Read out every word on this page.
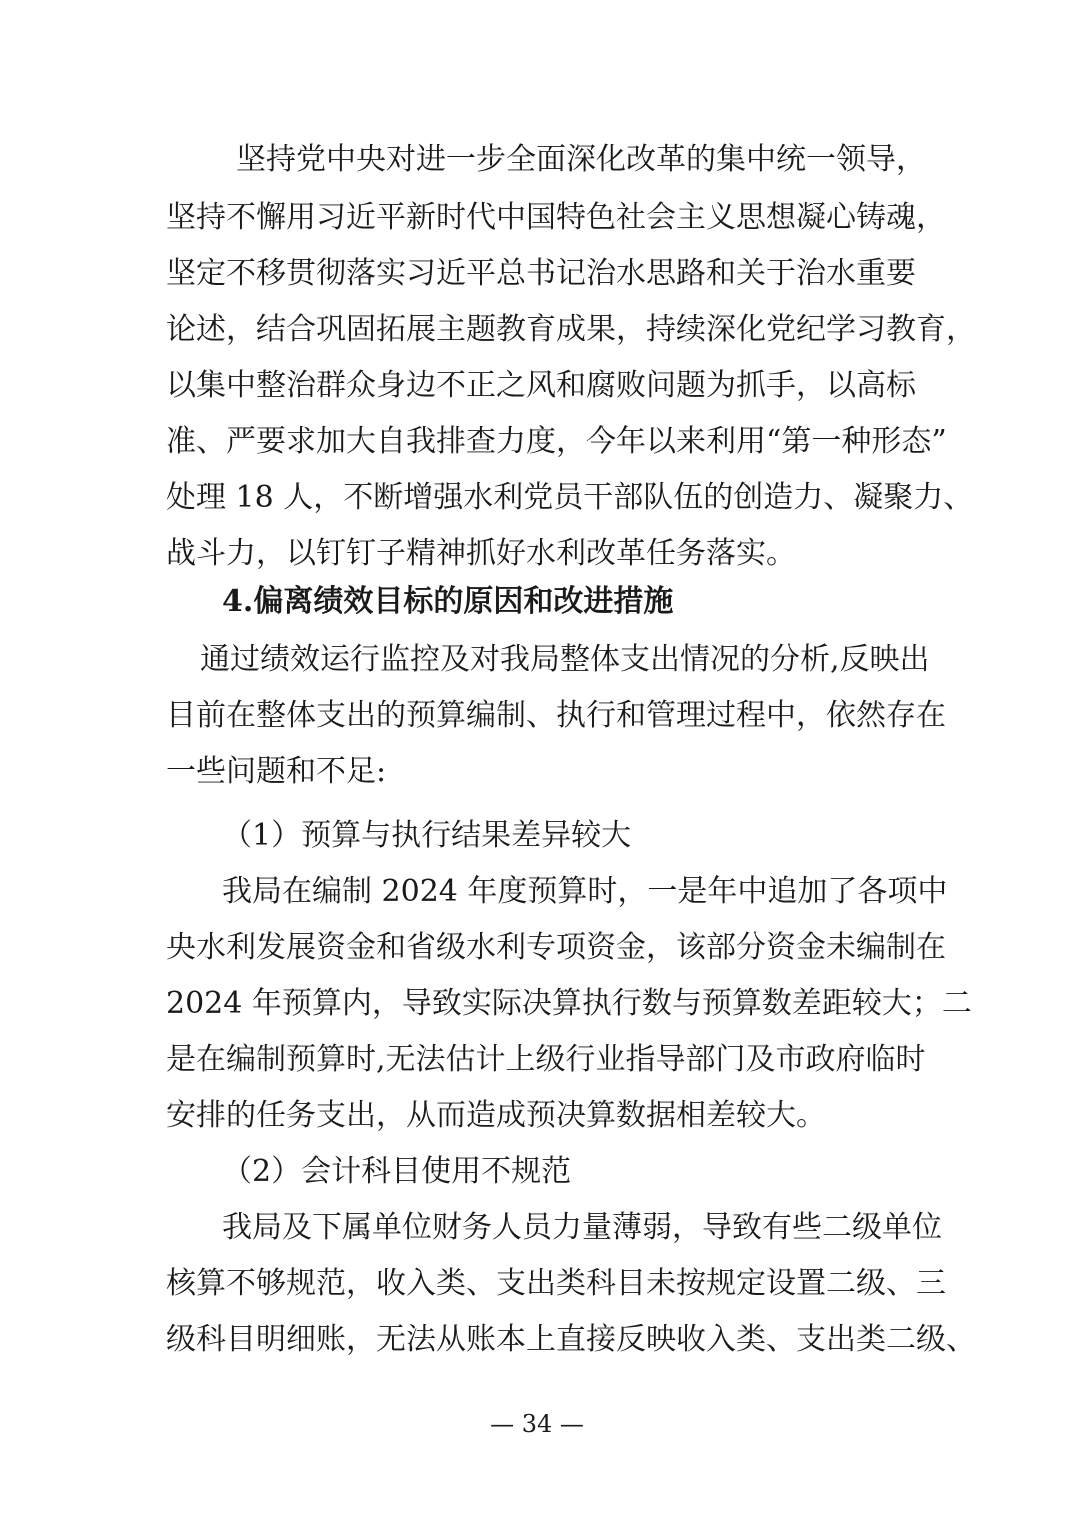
坚持党中央对进一步全面深化改革的集中统一领导，
坚持不懈用习近平新时代中国特色社会主义思想凝心铸魂，
坚定不移贯彻落实习近平总书记治水思路和关于治水重要
论述，结合巩固拓展主题教育成果，持续深化党纪学习教育，
以集中整治群众身边不正之风和腐败问题为抓手，以高标
准、严要求加大自我排查力度，今年以来利用“第一种形态”
处理 18 人，不断增强水利党员干部队伍的创造力、凝聚力、
战斗力，以钉钉子精神抓好水利改革任务落实。
4.偏离绩效目标的原因和改进措施
通过绩效运行监控及对我局整体支出情况的分析,反映出
目前在整体支出的预算编制、执行和管理过程中，依然存在
一些问题和不足:
（1）预算与执行结果差异较大
我局在编制 2024 年度预算时，一是年中追加了各项中
央水利发展资金和省级水利专项资金，该部分资金未编制在
2024 年预算内，导致实际决算执行数与预算数差距较大；二
是在编制预算时,无法估计上级行业指导部门及市政府临时
安排的任务支出，从而造成预决算数据相差较大。
（2）会计科目使用不规范
我局及下属单位财务人员力量薄弱，导致有些二级单位
核算不够规范，收入类、支出类科目未按规定设置二级、三
级科目明细账，无法从账本上直接反映收入类、支出类二级、
— 34 —
